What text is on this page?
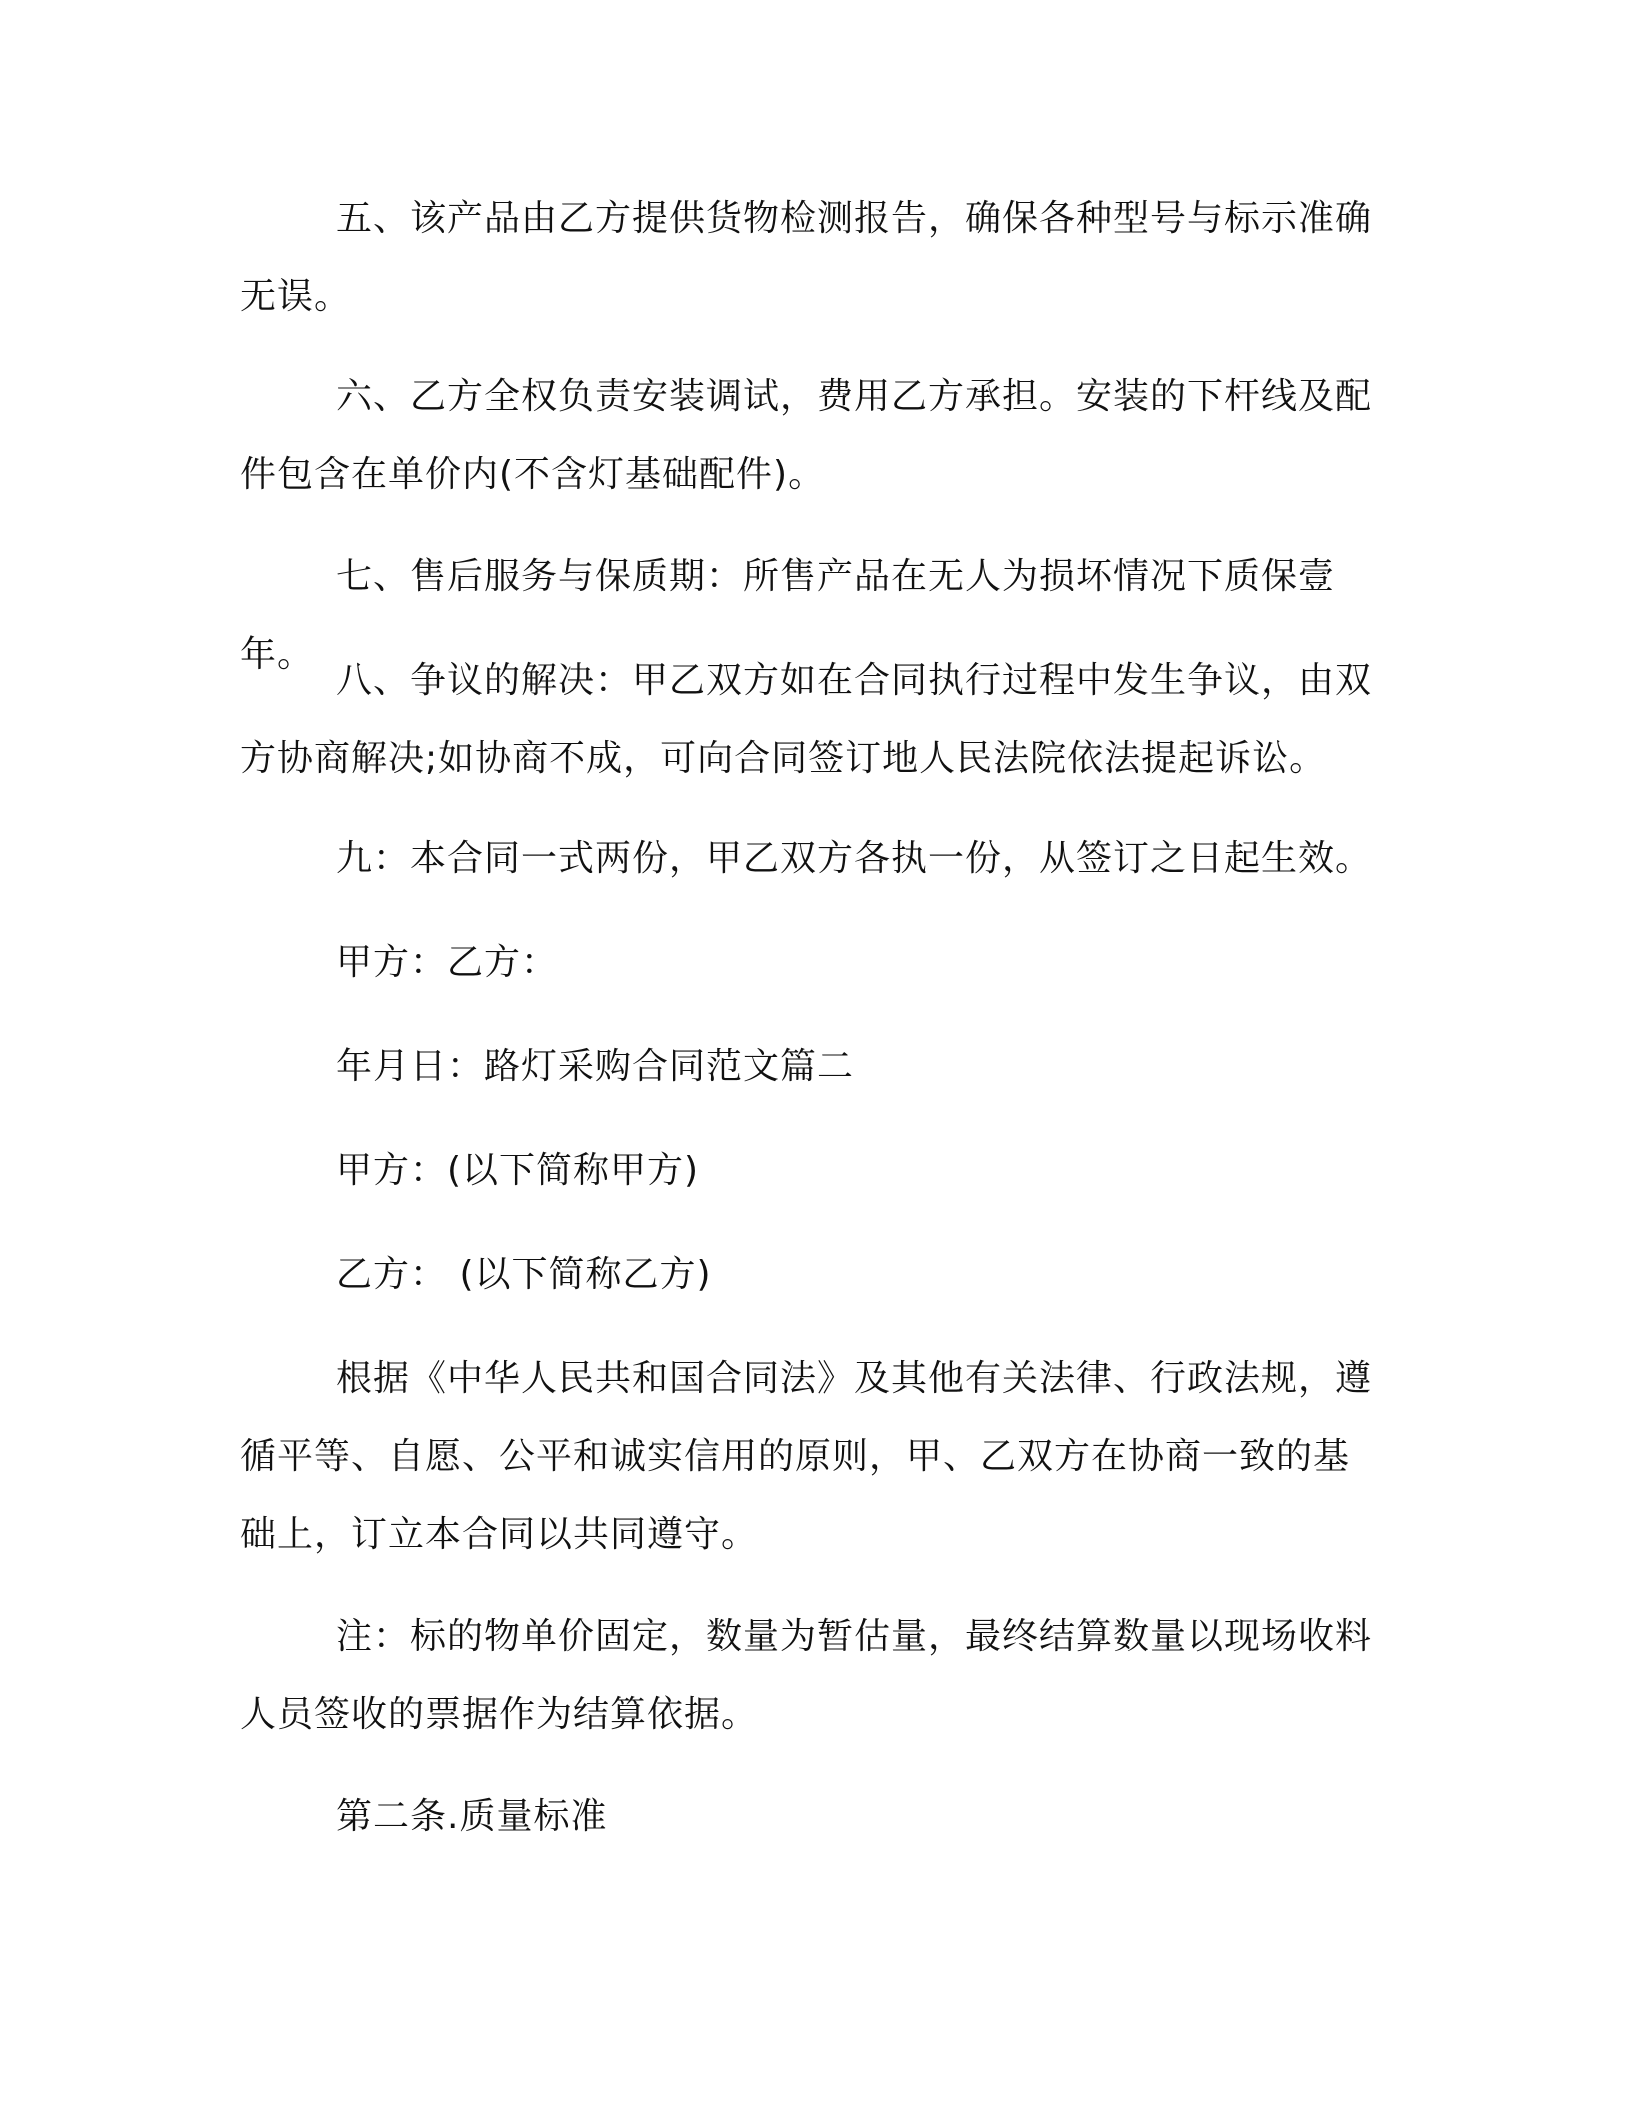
五、该产品由乙方提供货物检测报告，确保各种型号与标示准确
无误。

六、乙方全权负责安装调试，费用乙方承担。安装的下杆线及配
件包含在单价内(不含灯基础配件)。

七、售后服务与保质期：所售产品在无人为损坏情况下质保壹年。

八、争议的解决：甲乙双方如在合同执行过程中发生争议，由双
方协商解决;如协商不成，可向合同签订地人民法院依法提起诉讼。

九：本合同一式两份，甲乙双方各执一份，从签订之日起生效。

甲方：乙方：

年月日：路灯采购合同范文篇二

甲方：(以下简称甲方)

乙方： (以下简称乙方)

根据《中华人民共和国合同法》及其他有关法律、行政法规，遵
循平等、自愿、公平和诚实信用的原则，甲、乙双方在协商一致的基
础上，订立本合同以共同遵守。

注：标的物单价固定，数量为暂估量，最终结算数量以现场收料
人员签收的票据作为结算依据。

第二条.质量标准
